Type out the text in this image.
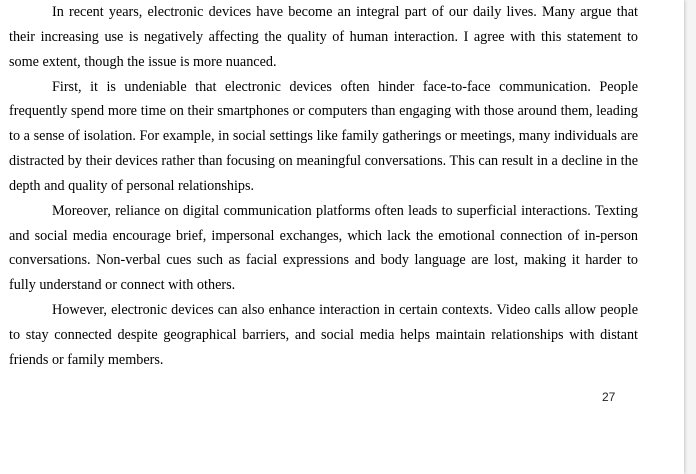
In recent years, electronic devices have become an integral part of our daily lives. Many argue that their increasing use is negatively affecting the quality of human interaction. I agree with this statement to some extent, though the issue is more nuanced.

First, it is undeniable that electronic devices often hinder face-to-face communication. People frequently spend more time on their smartphones or computers than engaging with those around them, leading to a sense of isolation. For example, in social settings like family gatherings or meetings, many individuals are distracted by their devices rather than focusing on meaningful conversations. This can result in a decline in the depth and quality of personal relationships.

Moreover, reliance on digital communication platforms often leads to superficial interactions. Texting and social media encourage brief, impersonal exchanges, which lack the emotional connection of in-person conversations. Non-verbal cues such as facial expressions and body language are lost, making it harder to fully understand or connect with others.

However, electronic devices can also enhance interaction in certain contexts. Video calls allow people to stay connected despite geographical barriers, and social media helps maintain relationships with distant friends or family members.

27
